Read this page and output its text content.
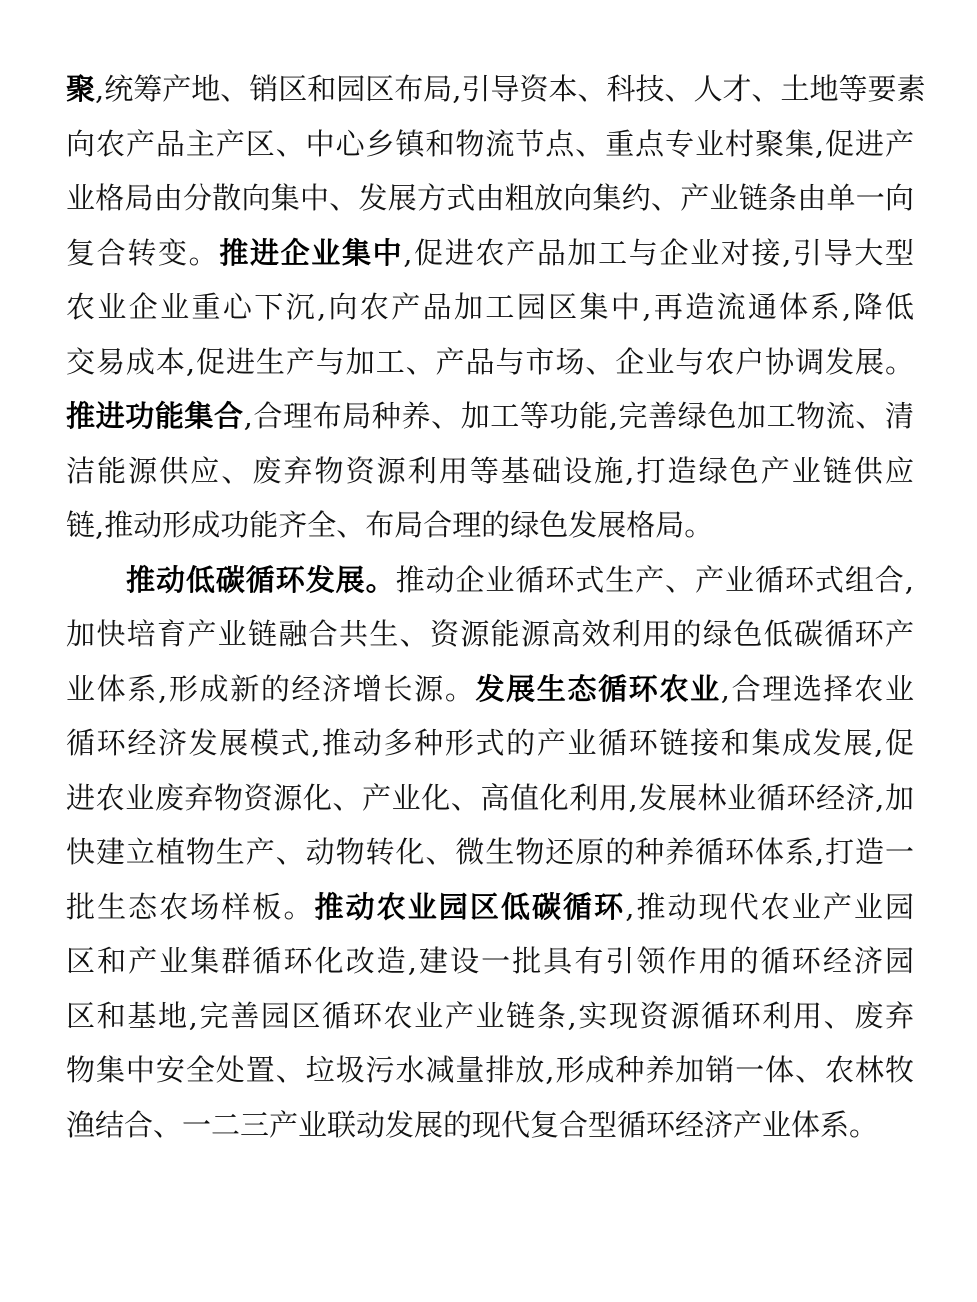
聚,统筹产地、销区和园区布局,引导资本、科技、人才、土地等要素
向农产品主产区、中心乡镇和物流节点、重点专业村聚集,促进产
业格局由分散向集中、发展方式由粗放向集约、产业链条由单一向
复合转变。推进企业集中,促进农产品加工与企业对接,引导大型
农业企业重心下沉,向农产品加工园区集中,再造流通体系,降低
交易成本,促进生产与加工、产品与市场、企业与农户协调发展。
推进功能集合,合理布局种养、加工等功能,完善绿色加工物流、清
洁能源供应、废弃物资源利用等基础设施,打造绿色产业链供应
链,推动形成功能齐全、布局合理的绿色发展格局。
推动低碳循环发展。推动企业循环式生产、产业循环式组合,
加快培育产业链融合共生、资源能源高效利用的绿色低碳循环产
业体系,形成新的经济增长源。发展生态循环农业,合理选择农业
循环经济发展模式,推动多种形式的产业循环链接和集成发展,促
进农业废弃物资源化、产业化、高值化利用,发展林业循环经济,加
快建立植物生产、动物转化、微生物还原的种养循环体系,打造一
批生态农场样板。推动农业园区低碳循环,推动现代农业产业园
区和产业集群循环化改造,建设一批具有引领作用的循环经济园
区和基地,完善园区循环农业产业链条,实现资源循环利用、废弃
物集中安全处置、垃圾污水减量排放,形成种养加销一体、农林牧
渔结合、一二三产业联动发展的现代复合型循环经济产业体系。
